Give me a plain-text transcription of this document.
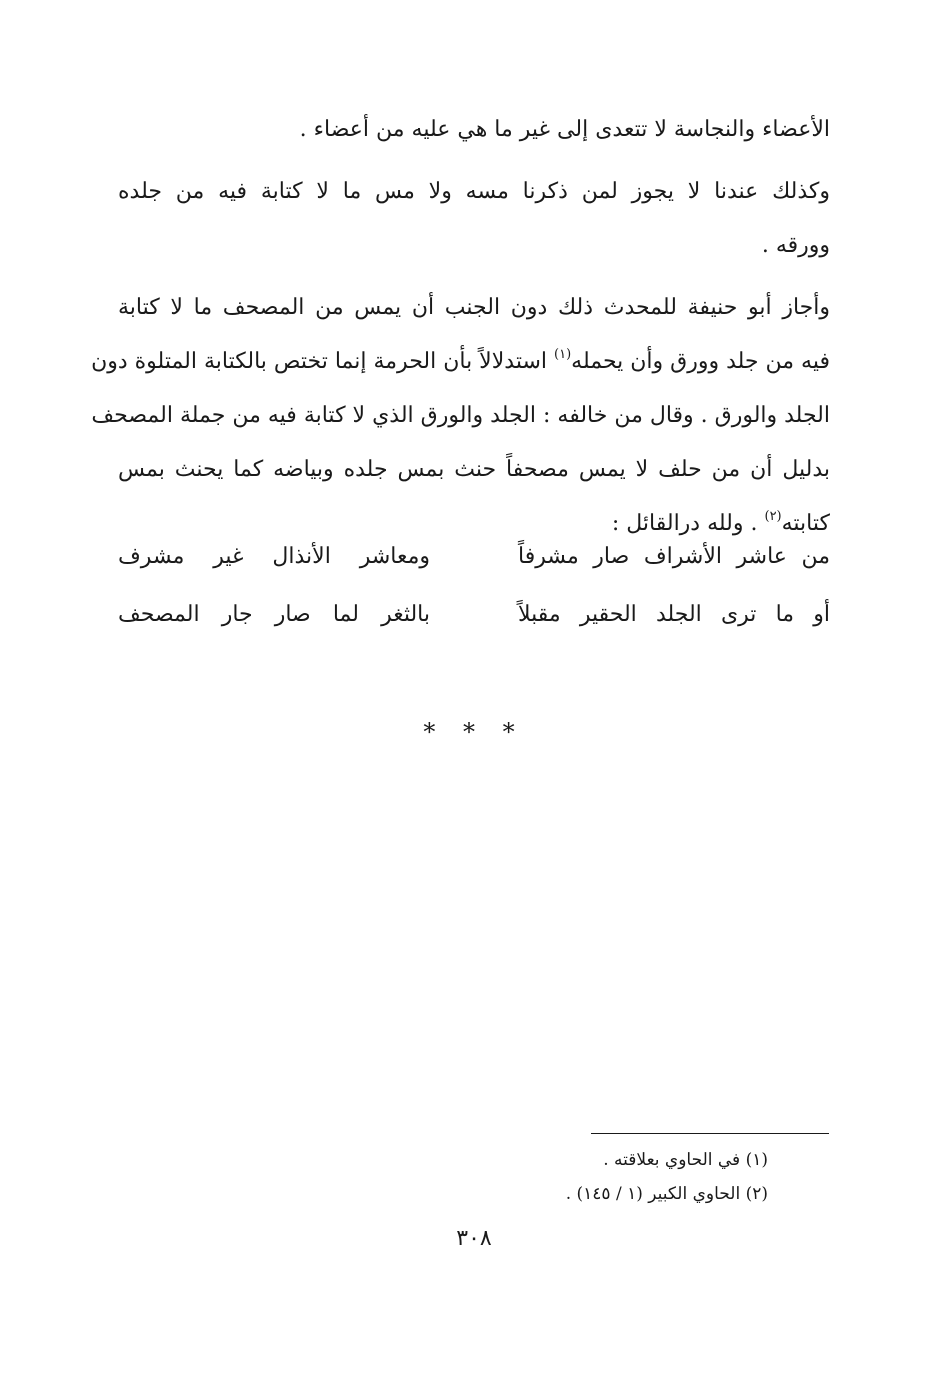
الأعضاء والنجاسة لا تتعدى إلى غير ما هي عليه من أعضاء .
وكذلك عندنا لا يجوز لمن ذكرنا مسه ولا مس ما لا كتابة فيه من جلده
وورقه .
وأجاز أبو حنيفة للمحدث ذلك دون الجنب أن يمس من المصحف ما لا كتابة
فيه من جلد وورق وأن يحمله$^{(١)}$ استدلالاً بأن الحرمة إنما تختص بالكتابة المتلوة دون
الجلد والورق . وقال من خالفه : الجلد والورق الذي لا كتابة فيه من جملة المصحف
بدليل أن من حلف لا يمس مصحفاً حنث بمس جلده وبياضه كما يحنث بمس
كتابته$^{(٢)}$ . ولله درالقائل :
من عاشر الأشراف صار مشرفاً
ومعاشر الأنذال غير مشرف
أو ما ترى الجلد الحقير مقبلاً
بالثغر لما صار جار المصحف
* * *
(١) في الحاوي بعلاقته .
(٢) الحاوي الكبير (١ / ١٤٥) .
٣٠٨
